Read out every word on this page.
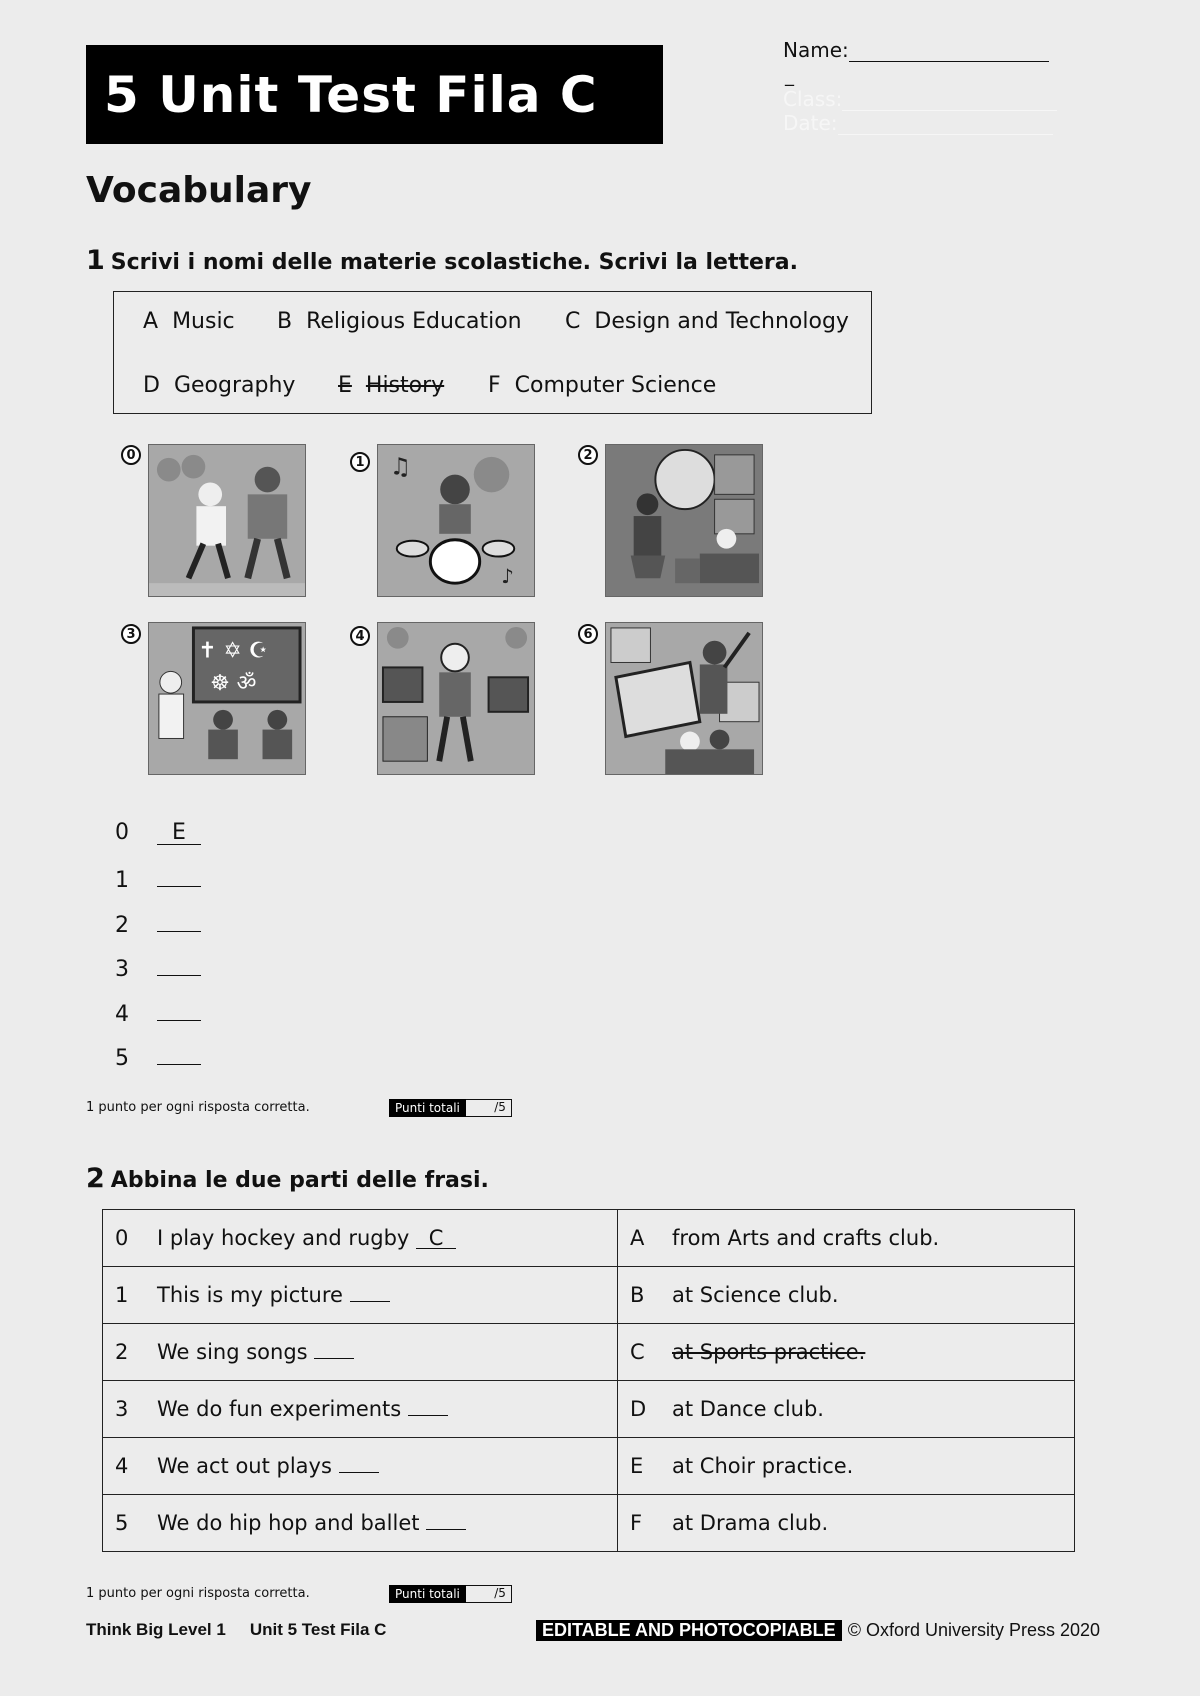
5 Unit Test Fila C
Name:
_
Class:
Date:
Vocabulary
1 Scrivi i nomi delle materie scolastiche. Scrivi la lettera.
A Music B Religious Education C Design and Technology
D Geography E History F Computer Science
0	1	2
3	4	6
♫
♪
✝ ✡ ☪
☸ ॐ
0 E
1
2
3
4
5
1 punto per ogni risposta corretta.	Punti totali	/5
2 Abbina le due parti delle frasi.
0 I play hockey and rugby C	A from Arts and crafts club.
1 This is my picture	B at Science club.
2 We sing songs	C at Sports practice.
3 We do fun experiments	D at Dance club.
4 We act out plays	E at Choir practice.
5 We do hip hop and ballet	F at Drama club.
1 punto per ogni risposta corretta.	Punti totali	/5
Think Big Level 1 Unit 5 Test Fila C	EDITABLE AND PHOTOCOPIABLE © Oxford University Press 2020
